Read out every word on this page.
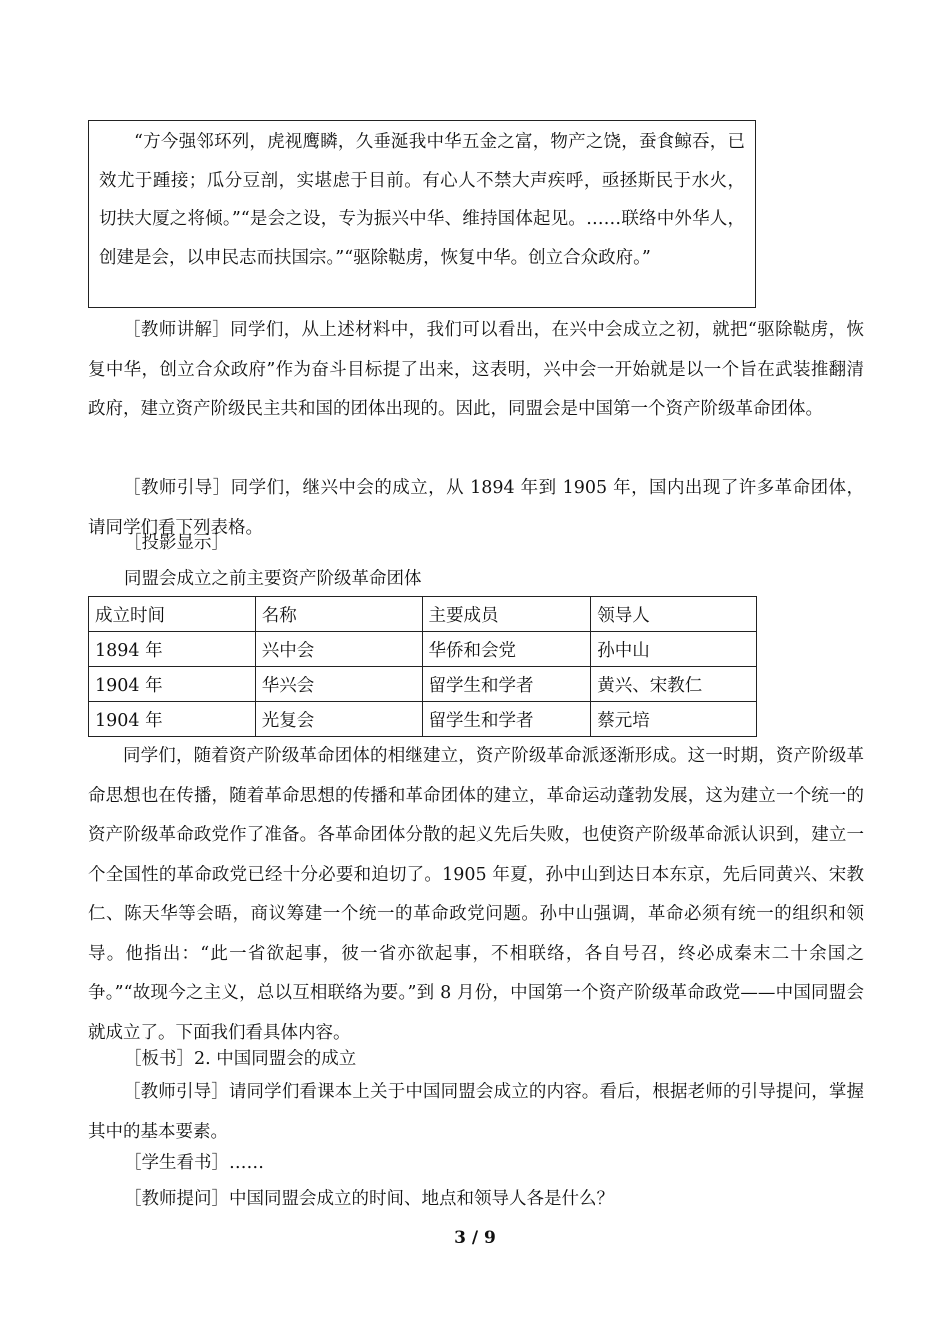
“方今强邻环列，虎视鹰瞵，久垂涎我中华五金之富，物产之饶，蚕食鲸吞，已效尤于踵接；瓜分豆剖，实堪虑于目前。有心人不禁大声疾呼，亟拯斯民于水火，切扶大厦之将倾。”“是会之设，专为振兴中华、维持国体起见。……联络中外华人，创建是会，以申民志而扶国宗。”“驱除鞑虏，恢复中华。创立合众政府。”

［教师讲解］同学们，从上述材料中，我们可以看出，在兴中会成立之初，就把“驱除鞑虏，恢复中华，创立合众政府”作为奋斗目标提了出来，这表明，兴中会一开始就是以一个旨在武装推翻清政府，建立资产阶级民主共和国的团体出现的。因此，同盟会是中国第一个资产阶级革命团体。

［教师引导］同学们，继兴中会的成立，从 1894 年到 1905 年，国内出现了许多革命团体，请同学们看下列表格。

［投影显示］

同盟会成立之前主要资产阶级革命团体

成立时间	名称	主要成员	领导人
1894 年	兴中会	华侨和会党	孙中山
1904 年	华兴会	留学生和学者	黄兴、宋教仁
1904 年	光复会	留学生和学者	蔡元培

同学们，随着资产阶级革命团体的相继建立，资产阶级革命派逐渐形成。这一时期，资产阶级革命思想也在传播，随着革命思想的传播和革命团体的建立，革命运动蓬勃发展，这为建立一个统一的资产阶级革命政党作了准备。各革命团体分散的起义先后失败，也使资产阶级革命派认识到，建立一个全国性的革命政党已经十分必要和迫切了。1905 年夏，孙中山到达日本东京，先后同黄兴、宋教仁、陈天华等会晤，商议筹建一个统一的革命政党问题。孙中山强调，革命必须有统一的组织和领导。他指出：“此一省欲起事，彼一省亦欲起事，不相联络，各自号召，终必成秦末二十余国之争。”“故现今之主义，总以互相联络为要。”到 8 月份，中国第一个资产阶级革命政党——中国同盟会就成立了。下面我们看具体内容。

［板书］2. 中国同盟会的成立

［教师引导］请同学们看课本上关于中国同盟会成立的内容。看后，根据老师的引导提问，掌握其中的基本要素。

［学生看书］……

［教师提问］中国同盟会成立的时间、地点和领导人各是什么？

3 / 9
